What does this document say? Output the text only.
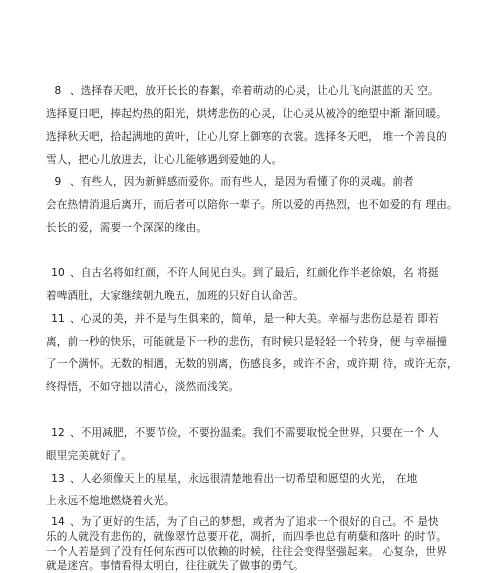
8 、选择春天吧，放开长长的春絮，牵着萌动的心灵，让心儿飞向湛蓝的天 空。
选择夏日吧，捧起灼热的阳光，烘烤悲伤的心灵，让心灵从被冷的绝望中渐 渐回暖。
选择秋天吧，拾起满地的黄叶，让心儿穿上御寒的衣裳。选择冬天吧， 堆一个善良的
雪人，把心儿放进去，让心儿能够遇到爱她的人。
9 、有些人，因为新鲜感而爱你。而有些人，是因为看懂了你的灵魂。前者
会在热情消退后离开，而后者可以陪你一辈子。所以爱的再热烈，也不如爱的有 理由。
长长的爱，需要一个深深的缘由。
10 、自古名将如红颜，不许人间见白头。到了最后，红颜化作半老徐娘，名 将挺
着啤酒肚，大家继续朝九晚五，加班的只好自认命苦。
11 、心灵的美，并不是与生俱来的，简单，是一种大美。幸福与悲伤总是若 即若
离，前一秒的快乐，可能就是下一秒的悲伤，有时候只是轻轻一个转身，便 与幸福撞
了一个满怀。无数的相遇，无数的别离，伤感良多，或许不舍，或许期 待，或许无奈，
终得悟，不如守拙以清心，淡然而浅笑。
12 、不用减肥，不要节俭，不要扮温柔。我们不需要取悦全世界，只要在一个 人
眼里完美就好了。
13 、人必须像天上的星星，永远很清楚地看出一切希望和愿望的火光， 在地
上永远不熄地燃烧着火光。
14 、为了更好的生活，为了自己的梦想，或者为了追求一个很好的自己。不 是快
乐的人就没有悲伤的，就像翠竹总要开花，凋折，而四季也总有萌蘖和落叶 的时节。
一个人若是到了没有任何东西可以依赖的时候，往往会变得坚强起来。 心复杂，世界
就是迷宫。事情看得太明白，往往就失了做事的勇气。
